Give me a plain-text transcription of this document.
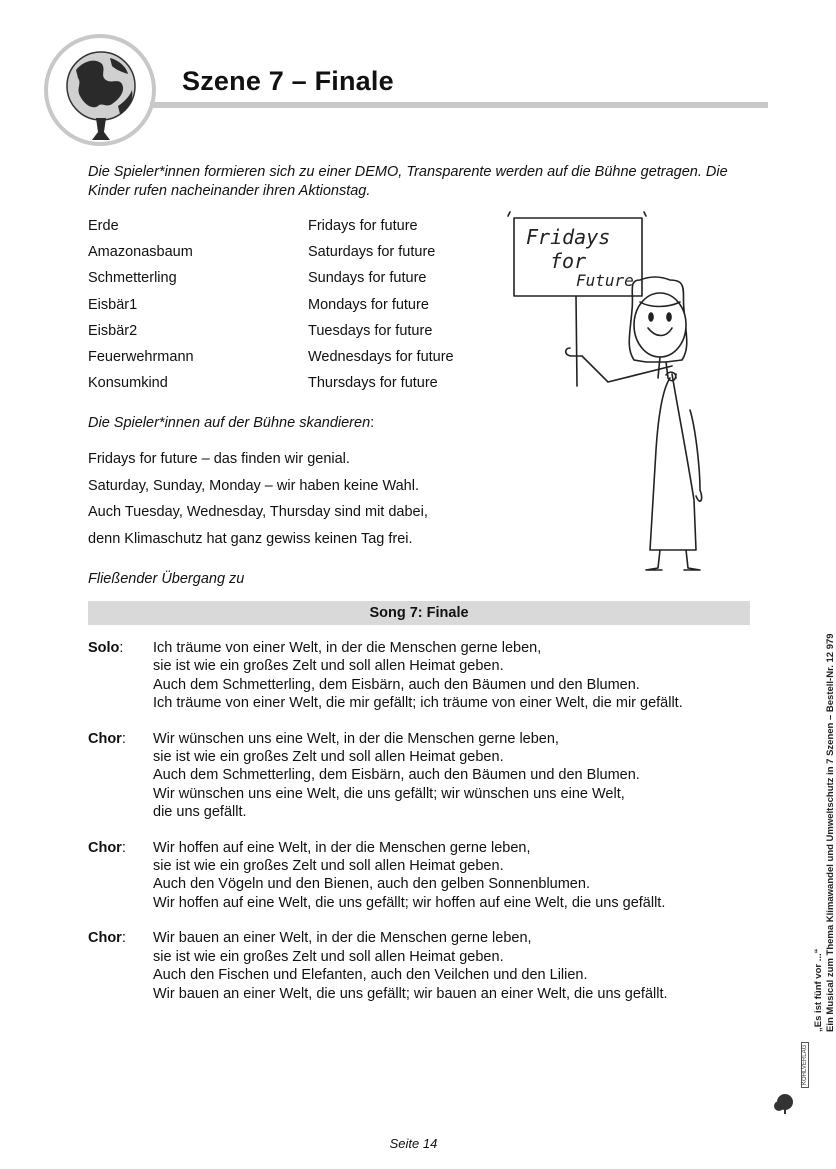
Szene 7 – Finale
Die Spieler*innen formieren sich zu einer DEMO, Transparente werden auf die Bühne getragen. Die Kinder rufen nacheinander ihren Aktionstag.
Erde	Fridays for future
Amazonasbaum	Saturdays for future
Schmetterling	Sundays for future
Eisbär1	Mondays for future
Eisbär2	Tuesdays for future
Feuerwehrmann	Wednesdays for future
Konsumkind	Thursdays for future
Fridays
for
Future
Die Spieler*innen auf der Bühne skandieren:
Fridays for future – das finden wir genial.
Saturday, Sunday, Monday – wir haben keine Wahl.
Auch Tuesday, Wednesday, Thursday sind mit dabei,
denn Klimaschutz hat ganz gewiss keinen Tag frei.
Fließender Übergang zu
Song 7: Finale
Solo: Ich träume von einer Welt, in der die Menschen gerne leben,
sie ist wie ein großes Zelt und soll allen Heimat geben.
Auch dem Schmetterling, dem Eisbärn, auch den Bäumen und den Blumen.
Ich träume von einer Welt, die mir gefällt; ich träume von einer Welt, die mir gefällt.
Chor: Wir wünschen uns eine Welt, in der die Menschen gerne leben,
sie ist wie ein großes Zelt und soll allen Heimat geben.
Auch dem Schmetterling, dem Eisbärn, auch den Bäumen und den Blumen.
Wir wünschen uns eine Welt, die uns gefällt; wir wünschen uns eine Welt,
die uns gefällt.
Chor: Wir hoffen auf eine Welt, in der die Menschen gerne leben,
sie ist wie ein großes Zelt und soll allen Heimat geben.
Auch den Vögeln und den Bienen, auch den gelben Sonnenblumen.
Wir hoffen auf eine Welt, die uns gefällt; wir hoffen auf eine Welt, die uns gefällt.
Chor: Wir bauen an einer Welt, in der die Menschen gerne leben,
sie ist wie ein großes Zelt und soll allen Heimat geben.
Auch den Fischen und Elefanten, auch den Veilchen und den Lilien.
Wir bauen an einer Welt, die uns gefällt; wir bauen an einer Welt, die uns gefällt.	„Es ist fünf vor ...“ Ein Musical zum Thema Klimawandel und Umweltschutz in 7 Szenen – Bestell-Nr. 12 979
KOHLVERLAG
Seite 14
